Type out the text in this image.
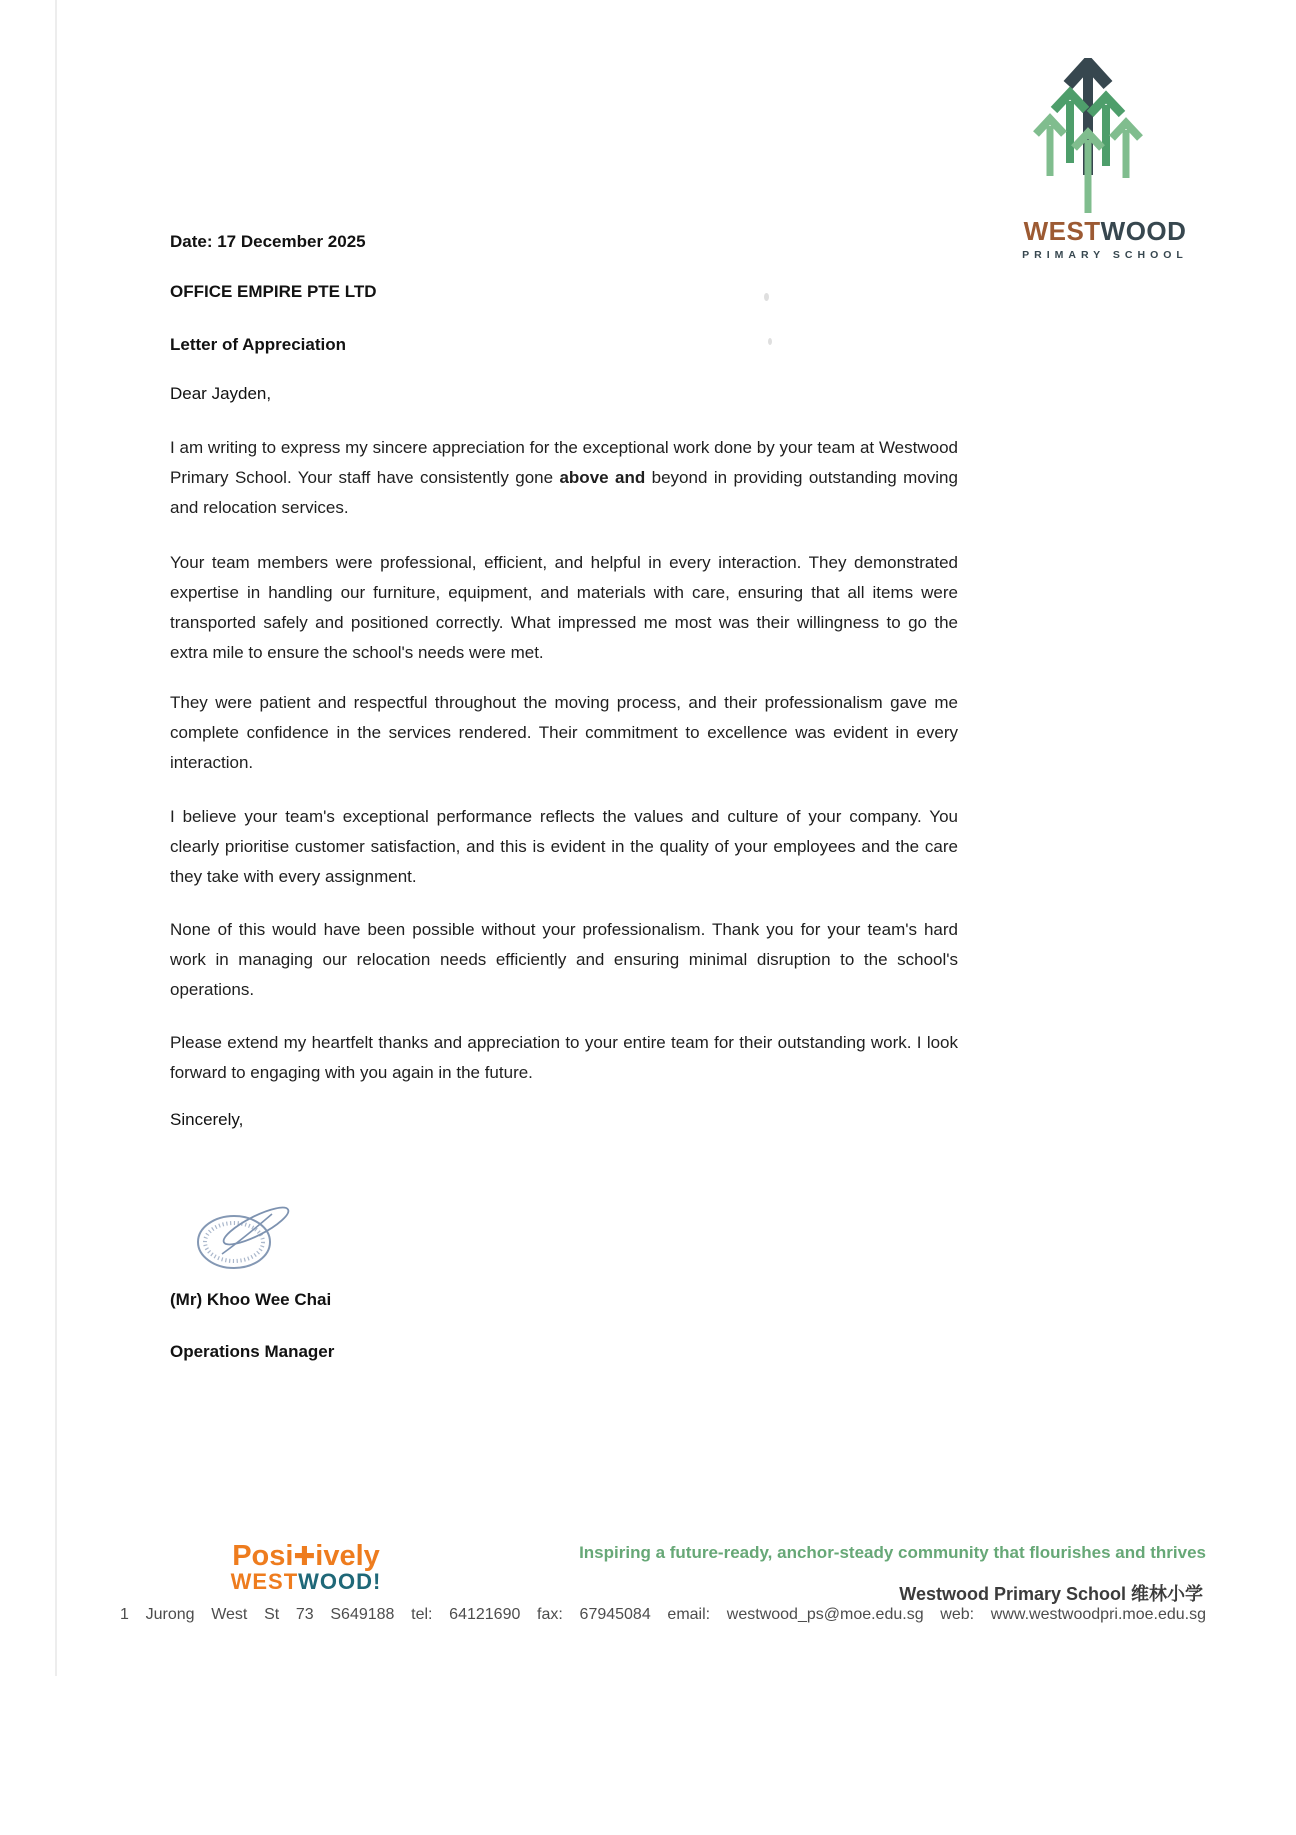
WESTWOOD
PRIMARY SCHOOL
Date: 17 December 2025
OFFICE EMPIRE PTE LTD
Letter of Appreciation
Dear Jayden,
I am writing to express my sincere appreciation for the exceptional work done by your team at Westwood Primary School. Your staff have consistently gone above and beyond in providing outstanding moving and relocation services.
Your team members were professional, efficient, and helpful in every interaction. They demonstrated expertise in handling our furniture, equipment, and materials with care, ensuring that all items were transported safely and positioned correctly. What impressed me most was their willingness to go the extra mile to ensure the school's needs were met.
They were patient and respectful throughout the moving process, and their professionalism gave me complete confidence in the services rendered. Their commitment to excellence was evident in every interaction.
I believe your team's exceptional performance reflects the values and culture of your company. You clearly prioritise customer satisfaction, and this is evident in the quality of your employees and the care they take with every assignment.
None of this would have been possible without your professionalism. Thank you for your team's hard work in managing our relocation needs efficiently and ensuring minimal disruption to the school's operations.
Please extend my heartfelt thanks and appreciation to your entire team for their outstanding work. I look forward to engaging with you again in the future.
Sincerely,
(Mr) Khoo Wee Chai
Operations Manager
Posi✚ively
WESTWOOD!
Inspiring a future-ready, anchor-steady community that flourishes and thrives
Westwood Primary School 维林小学
1 Jurong West St 73 S649188 tel: 64121690 fax: 67945084 email: westwood_ps@moe.edu.sg web: www.westwoodpri.moe.edu.sg
